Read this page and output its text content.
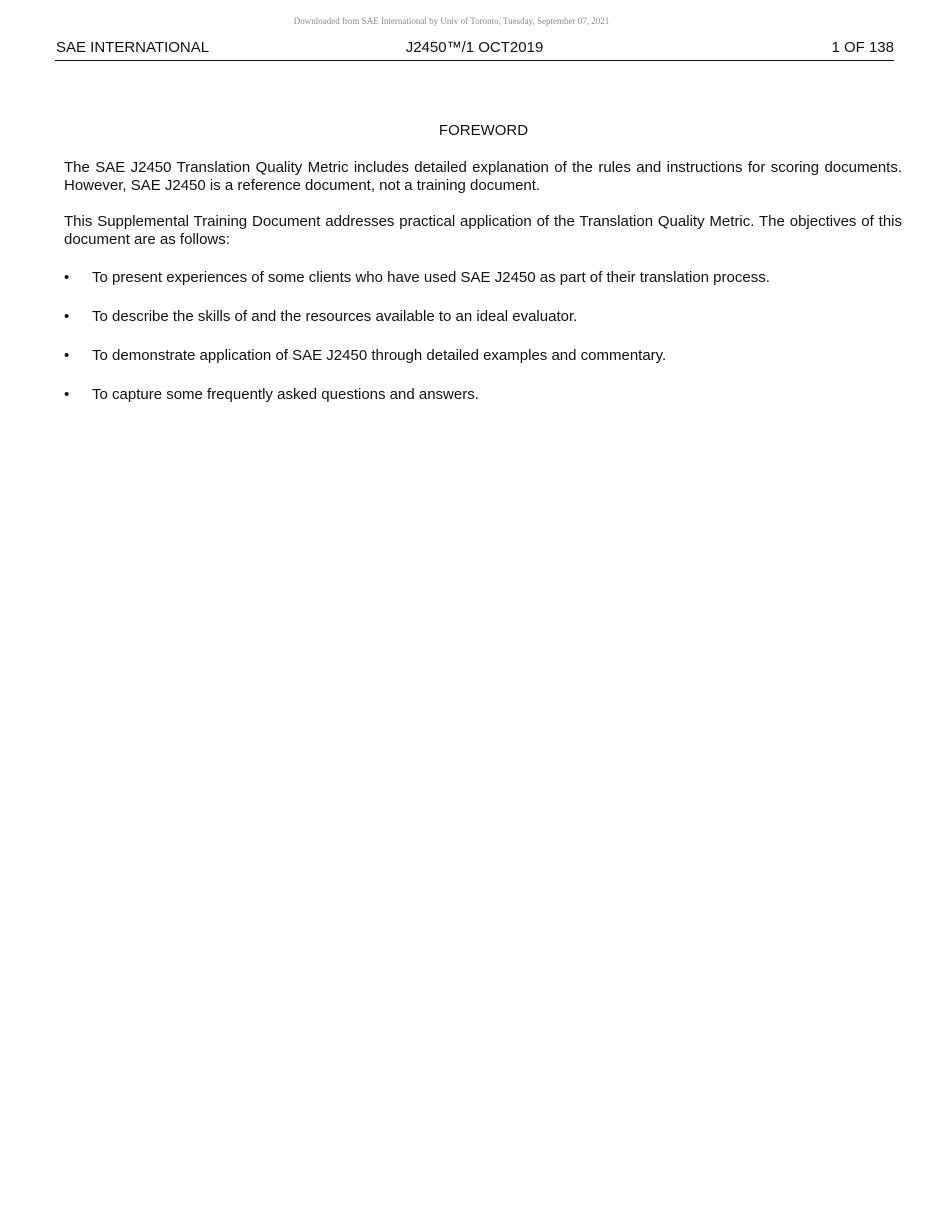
Downloaded from SAE International by Univ of Toronto, Tuesday, September 07, 2021
SAE INTERNATIONAL	J2450™/1 OCT2019	1 OF 138
FOREWORD

The SAE J2450 Translation Quality Metric includes detailed explanation of the rules and instructions for scoring documents. However, SAE J2450 is a reference document, not a training document.

This Supplemental Training Document addresses practical application of the Translation Quality Metric. The objectives of this document are as follows:

• To present experiences of some clients who have used SAE J2450 as part of their translation process.
• To describe the skills of and the resources available to an ideal evaluator.
• To demonstrate application of SAE J2450 through detailed examples and commentary.
• To capture some frequently asked questions and answers.
